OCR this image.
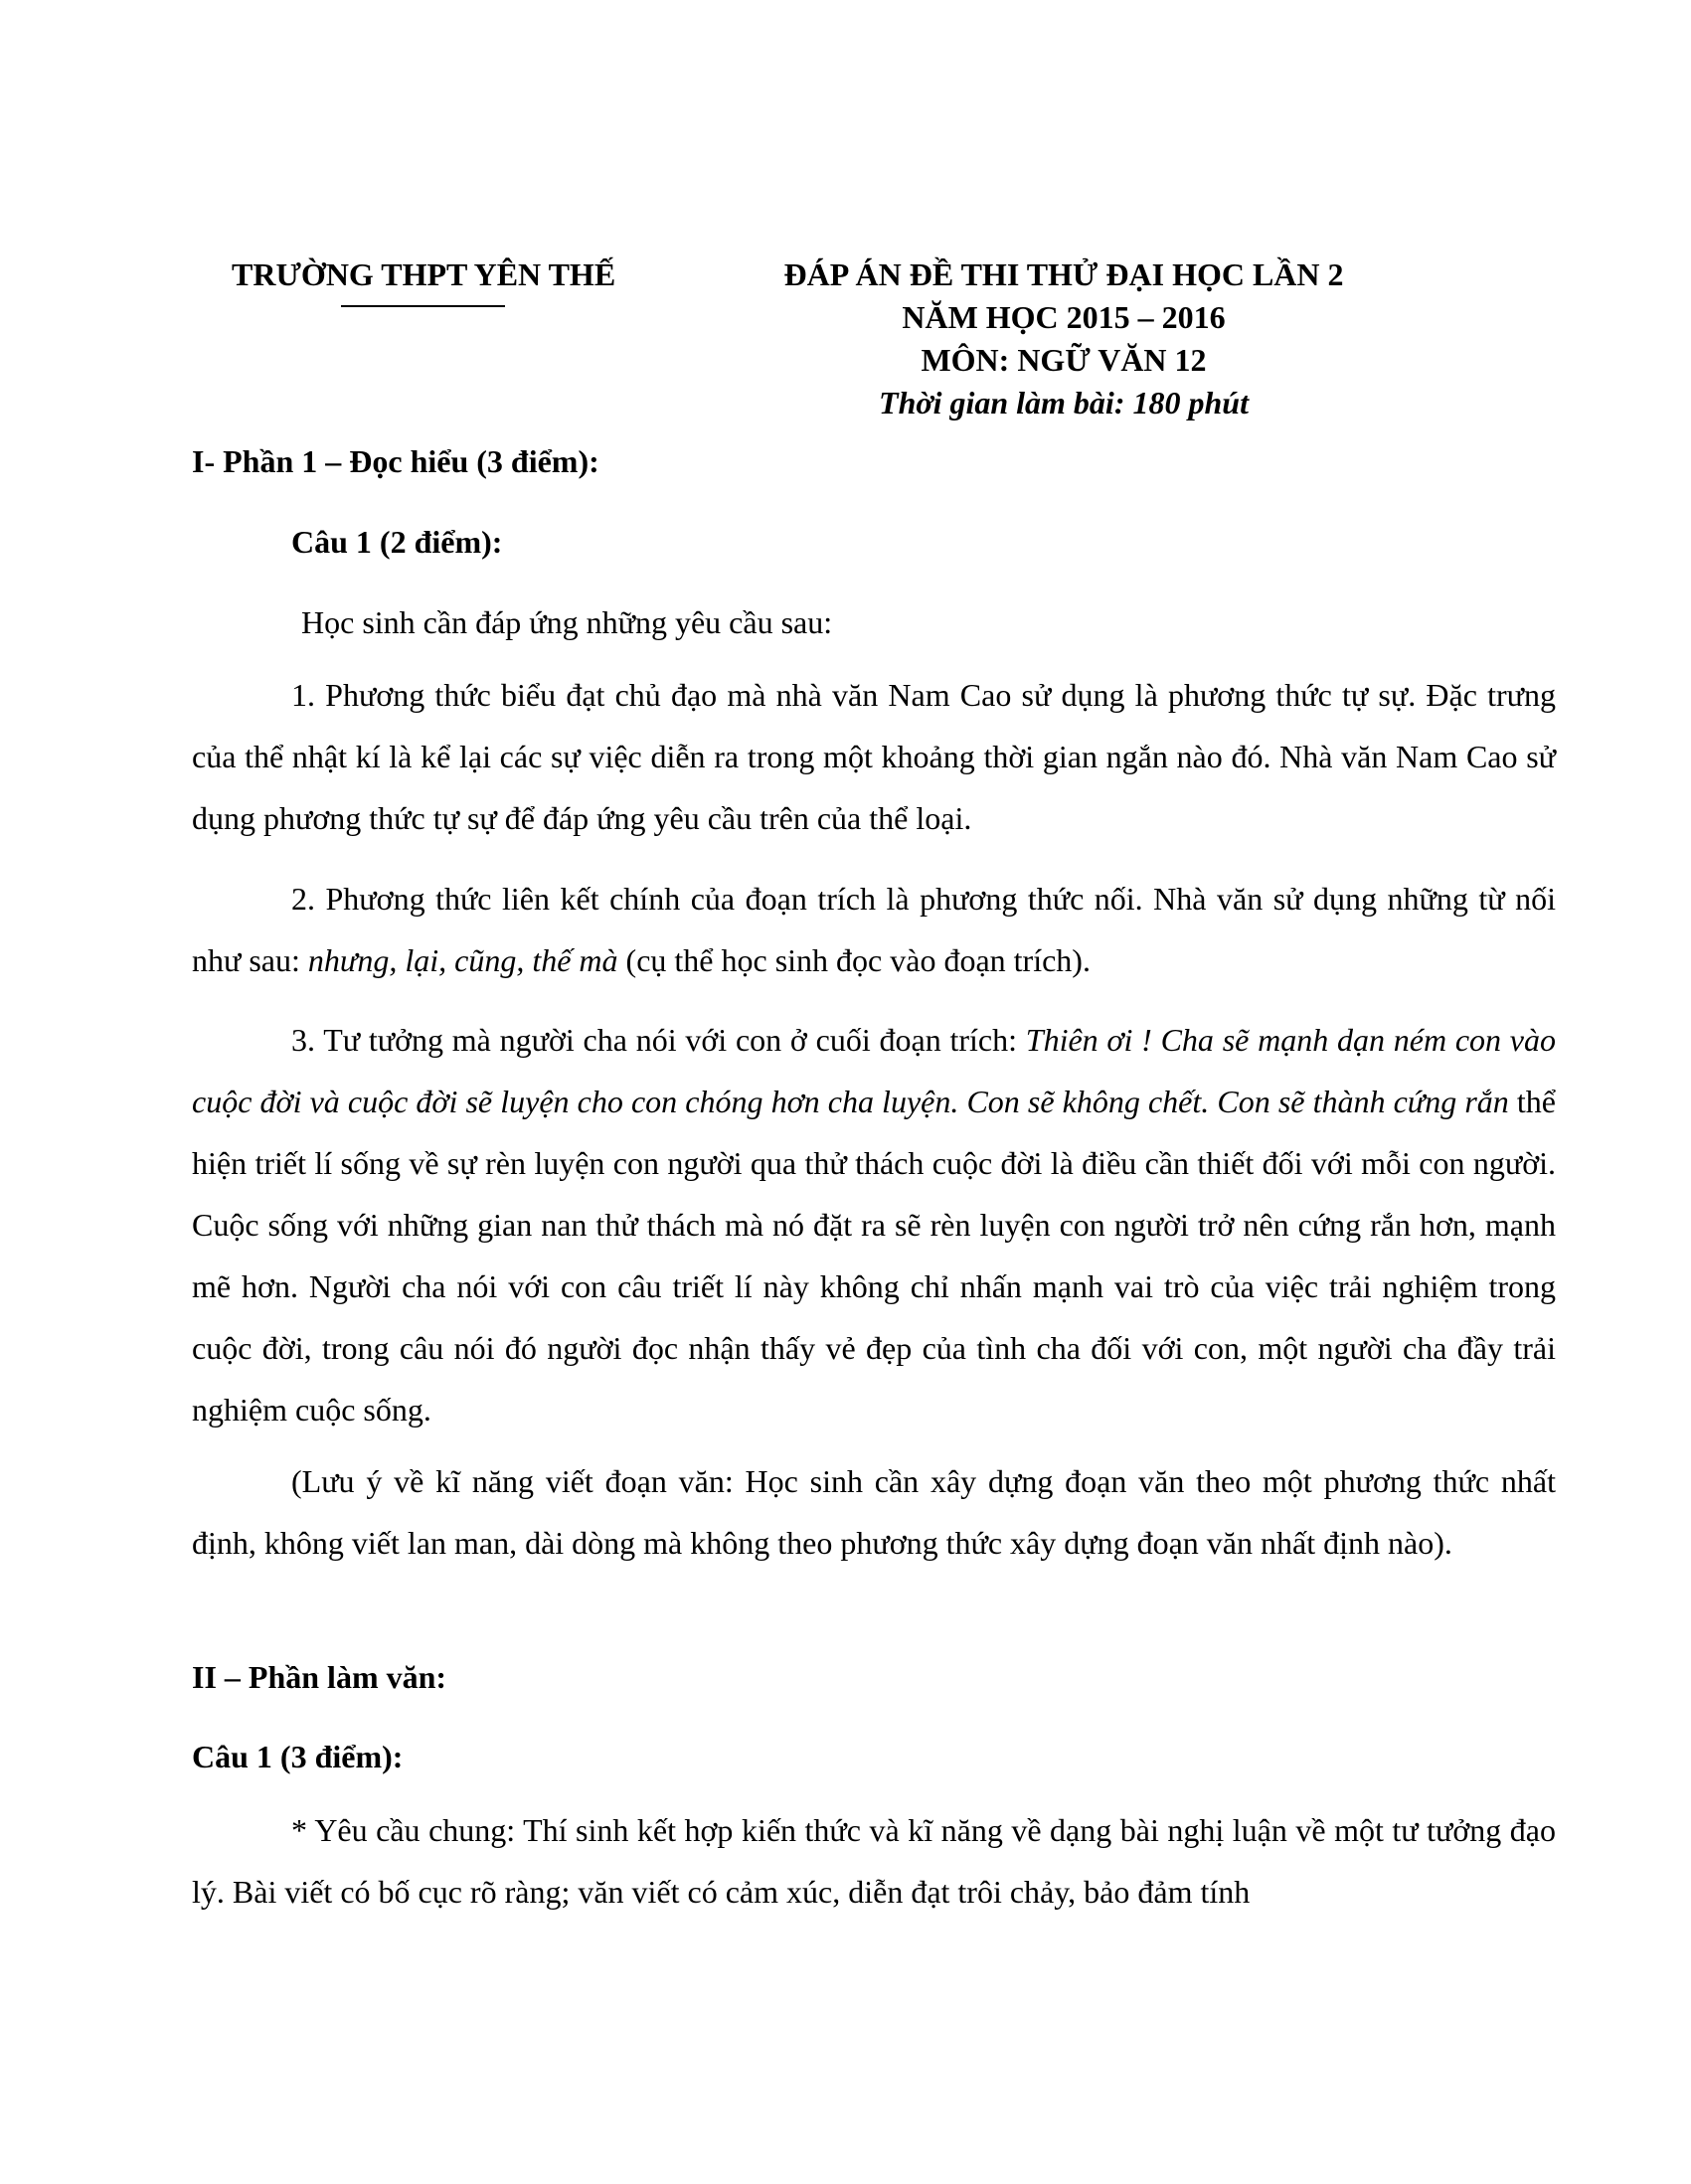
TRƯỜNG THPT YÊN THẾ	ĐÁP ÁN ĐỀ THI THỬ ĐẠI HỌC LẦN 2
NĂM HỌC 2015 – 2016
MÔN: NGỮ VĂN 12
Thời gian làm bài: 180 phút
I- Phần 1 – Đọc hiểu (3 điểm):
Câu 1 (2 điểm):
Học sinh cần đáp ứng những yêu cầu sau:

1. Phương thức biểu đạt chủ đạo mà nhà văn Nam Cao sử dụng là phương thức tự sự. Đặc trưng của thể nhật kí là kể lại các sự việc diễn ra trong một khoảng thời gian ngắn nào đó. Nhà văn Nam Cao sử dụng phương thức tự sự để đáp ứng yêu cầu trên của thể loại.

2. Phương thức liên kết chính của đoạn trích là phương thức nối. Nhà văn sử dụng những từ nối như sau: nhưng, lại, cũng, thế mà (cụ thể học sinh đọc vào đoạn trích).

3. Tư tưởng mà người cha nói với con ở cuối đoạn trích: Thiên ơi ! Cha sẽ mạnh dạn ném con vào cuộc đời và cuộc đời sẽ luyện cho con chóng hơn cha luyện. Con sẽ không chết. Con sẽ thành cứng rắn thể hiện triết lí sống về sự rèn luyện con người qua thử thách cuộc đời là điều cần thiết đối với mỗi con người. Cuộc sống với những gian nan thử thách mà nó đặt ra sẽ rèn luyện con người trở nên cứng rắn hơn, mạnh mẽ hơn. Người cha nói với con câu triết lí này không chỉ nhấn mạnh vai trò của việc trải nghiệm trong cuộc đời, trong câu nói đó người đọc nhận thấy vẻ đẹp của tình cha đối với con, một người cha đầy trải nghiệm cuộc sống.

(Lưu ý về kĩ năng viết đoạn văn: Học sinh cần xây dựng đoạn văn theo một phương thức nhất định, không viết lan man, dài dòng mà không theo phương thức xây dựng đoạn văn nhất định nào).

II – Phần làm văn:
Câu 1 (3 điểm):

* Yêu cầu chung: Thí sinh kết hợp kiến thức và kĩ năng về dạng bài nghị luận về một tư tưởng đạo lý. Bài viết có bố cục rõ ràng; văn viết có cảm xúc, diễn đạt trôi chảy, bảo đảm tính
